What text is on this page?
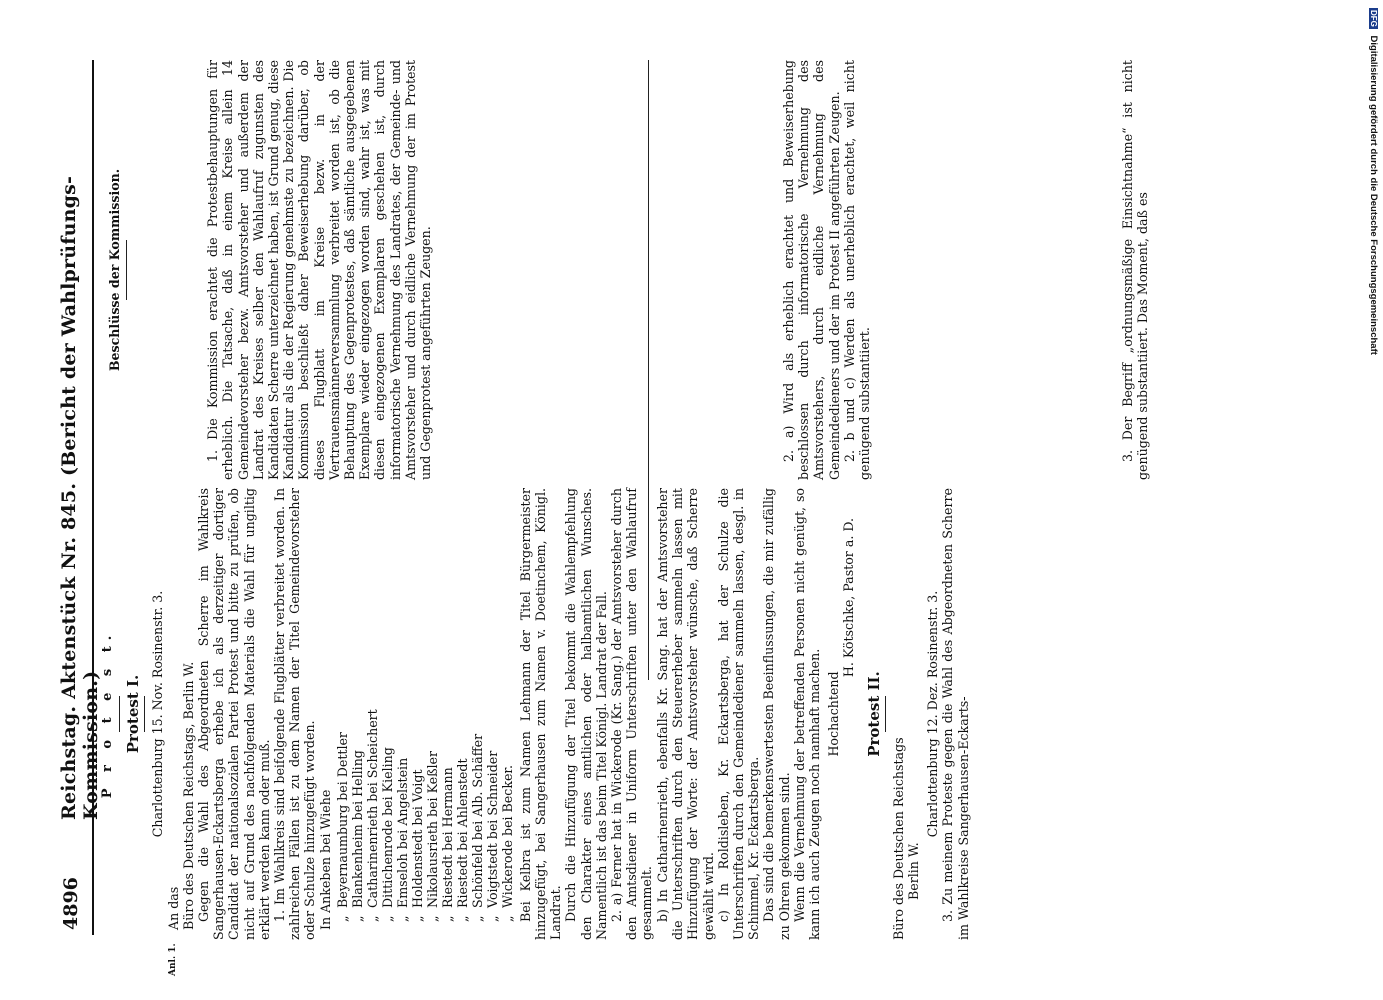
4896
Reichstag. Aktenstück Nr. 845. (Bericht der Wahlprüfungs-Kommission.)
Anl. 1.

P r o t e s t. Protest I. Charlottenburg 15. Nov. Rosinenstr. 3.

An das Büro des Deutschen Reichstags, Berlin W. Gegen die Wahl des Abgeordneten Scherre im Wahlkreis Sangerhausen-Eckartsberga erhebe ich als derzeitiger dortiger Candidat der nationalsozialen Partei Protest und bitte zu prüfen, ob nicht auf Grund des nachfolgenden Materials die Wahl für ungiltig erklärt werden kann oder muß. 1. Im Wahlkreis sind beifolgende Flugblätter verbreitet worden. In zahlreichen Fällen ist zu dem Namen der Titel Gemeindevorsteher oder Schulze hinzugefügt worden. In Ankeben bei Wiehe „Beyernaumburg bei Dettler
„Blankenheim bei Helling
„Catharinenrieth bei Scheichert
„Dittichenrode bei Kieling
„Emseloh bei Angelstein
„Holdenstedt bei Voigt
„Nikolausrieth bei Keßler
„Riestedt bei Hermann
„Riestedt bei Ahlenstedt
„Schönfeld bei Alb. Schäffer
„Voigtstedt bei Schneider
„Wickerode bei Becker. Bei Kelbra ist zum Namen Lehmann der Titel Bürgermeister hinzugefügt, bei Sangerhausen zum Namen v. Doetinchem, Königl. Landrat. Durch die Hinzufügung der Titel bekommt die Wahlempfehlung den Charakter eines amtlichen oder halbamtlichen Wunsches. Namentlich ist das beim Titel Königl. Landrat der Fall. 2. a) Ferner hat in Wickerode (Kr. Sang.) der Amtsvorsteher durch den Amtsdiener in Uniform Unterschriften unter den Wahlaufruf gesammelt. b) In Catharinenrieth, ebenfalls Kr. Sang. hat der Amtsvorsteher die Unterschriften durch den Steuererheber sammeln lassen mit Hinzufügung der Worte: der Amtsvorsteher wünsche, daß Scherre gewählt wird. c) In Roldisleben, Kr. Eckartsberga, hat der Schulze die Unterschriften durch den Gemeindediener sammeln lassen, desgl. in Schimmel, Kr. Eckartsberga. Das sind die bemerkenswertesten Beeinflussungen, die mir zufällig zu Ohren gekommen sind. Wenn die Vernehmung der betreffenden Personen nicht genügt, so kann ich auch Zeugen noch namhaft machen. Hochachtend

H. Kötschke, Pastor a. D.

Protest II.

Büro des Deutschen Reichstags Berlin W.

Charlottenburg 12. Dez. Rosinenstr. 3. 3. Zu meinem Proteste gegen die Wahl des Abgeordneten Scherre im Wahlkreise Sangerhausen-Eckarts-

Beschlüsse der Kommission.	1. Die Kommission erachtet die Protestbehauptungen für erheblich. Die Tatsache, daß in einem Kreise allein 14 Gemeindevorsteher bezw. Amtsvorsteher und außerdem der Landrat des Kreises selber den Wahlaufruf zugunsten des Kandidaten Scherre unterzeichnet haben, ist Grund genug, diese Kandidatur als die der Regierung genehmste zu bezeichnen. Die Kommission beschließt daher Beweiserhebung darüber, ob dieses Flugblatt im Kreise bezw. in der Vertrauensmännerversammlung verbreitet worden ist, ob die Behauptung des Gegenprotestes, daß sämtliche ausgegebenen Exemplare wieder eingezogen worden sind, wahr ist, was mit diesen eingezogenen Exemplaren geschehen ist, durch informatorische Vernehmung des Landrates, der Gemeinde- und Amtsvorsteher und durch eidliche Vernehmung der im Protest und Gegenprotest angeführten Zeugen.	2. a) Wird als erheblich erachtet und Beweiserhebung beschlossen durch informatorische Vernehmung des Amtsvorstehers, durch eidliche Vernehmung des Gemeindedieners und der im Protest II angeführten Zeugen. 2. b und c) Werden als unerheblich erachtet, weil nicht genügend substantiiert.	3. Der Begriff „ordnungsmäßige Einsichtnahme“ ist nicht genügend substantiiert. Das Moment, daß es

DFG Digitalisierung gefördert durch die Deutsche Forschungsgemeinschaft
